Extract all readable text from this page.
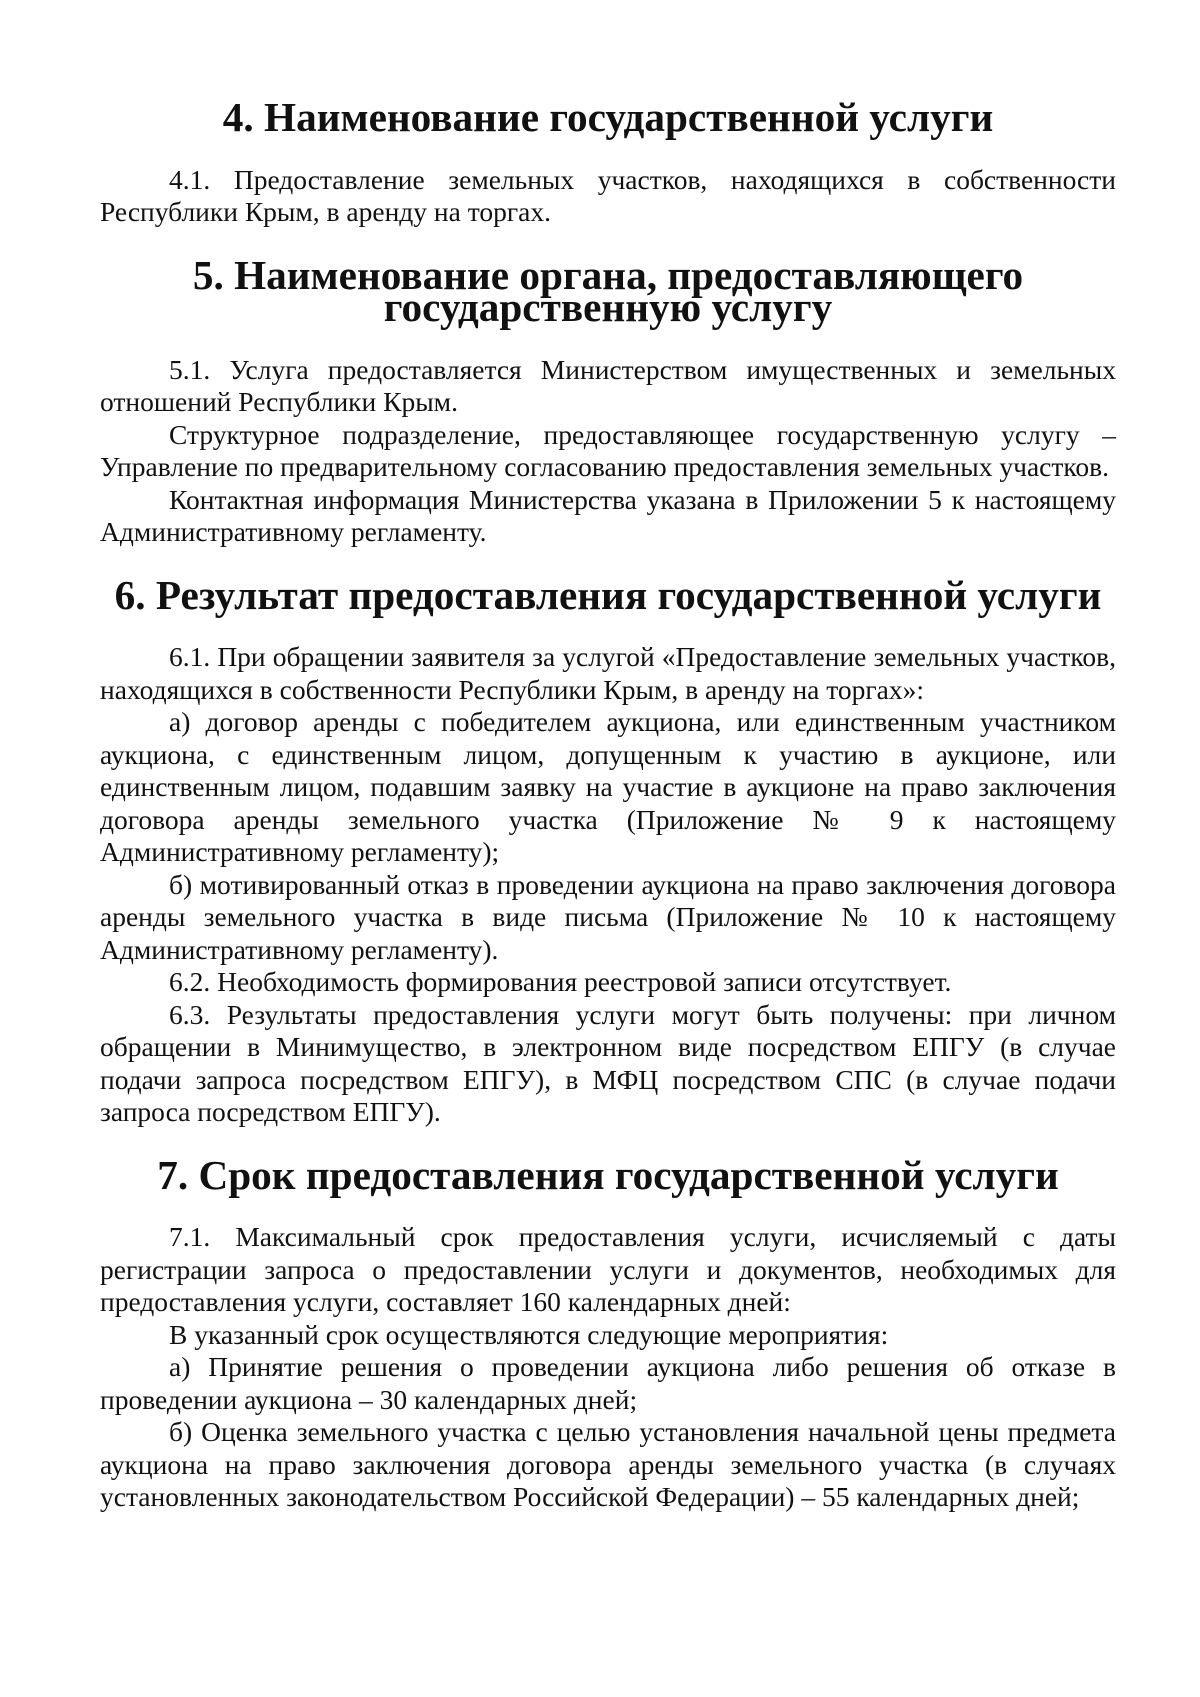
4. Наименование государственной услуги

4.1. Предоставление земельных участков, находящихся в собственности Республики Крым, в аренду на торгах.

5. Наименование органа, предоставляющего государственную услугу

5.1. Услуга предоставляется Министерством имущественных и земельных отношений Республики Крым.

Структурное подразделение, предоставляющее государственную услугу – Управление по предварительному согласованию предоставления земельных участков.

Контактная информация Министерства указана в Приложении 5 к настоящему Административному регламенту.

6. Результат предоставления государственной услуги

6.1. При обращении заявителя за услугой «Предоставление земельных участков, находящихся в собственности Республики Крым, в аренду на торгах»:

а) договор аренды с победителем аукциона, или единственным участником аукциона, с единственным лицом, допущенным к участию в аукционе, или единственным лицом, подавшим заявку на участие в аукционе на право заключения договора аренды земельного участка (Приложение № 9 к настоящему Административному регламенту);

б) мотивированный отказ в проведении аукциона на право заключения договора аренды земельного участка в виде письма (Приложение № 10 к настоящему Административному регламенту).

6.2. Необходимость формирования реестровой записи отсутствует.

6.3. Результаты предоставления услуги могут быть получены: при личном обращении в Минимущество, в электронном виде посредством ЕПГУ (в случае подачи запроса посредством ЕПГУ), в МФЦ посредством СПС (в случае подачи запроса посредством ЕПГУ).

7. Срок предоставления государственной услуги

7.1. Максимальный срок предоставления услуги, исчисляемый с даты регистрации запроса о предоставлении услуги и документов, необходимых для предоставления услуги, составляет 160 календарных дней:

В указанный срок осуществляются следующие мероприятия:

а) Принятие решения о проведении аукциона либо решения об отказе в проведении аукциона – 30 календарных дней;

б) Оценка земельного участка с целью установления начальной цены предмета аукциона на право заключения договора аренды земельного участка (в случаях установленных законодательством Российской Федерации) – 55 календарных дней;
